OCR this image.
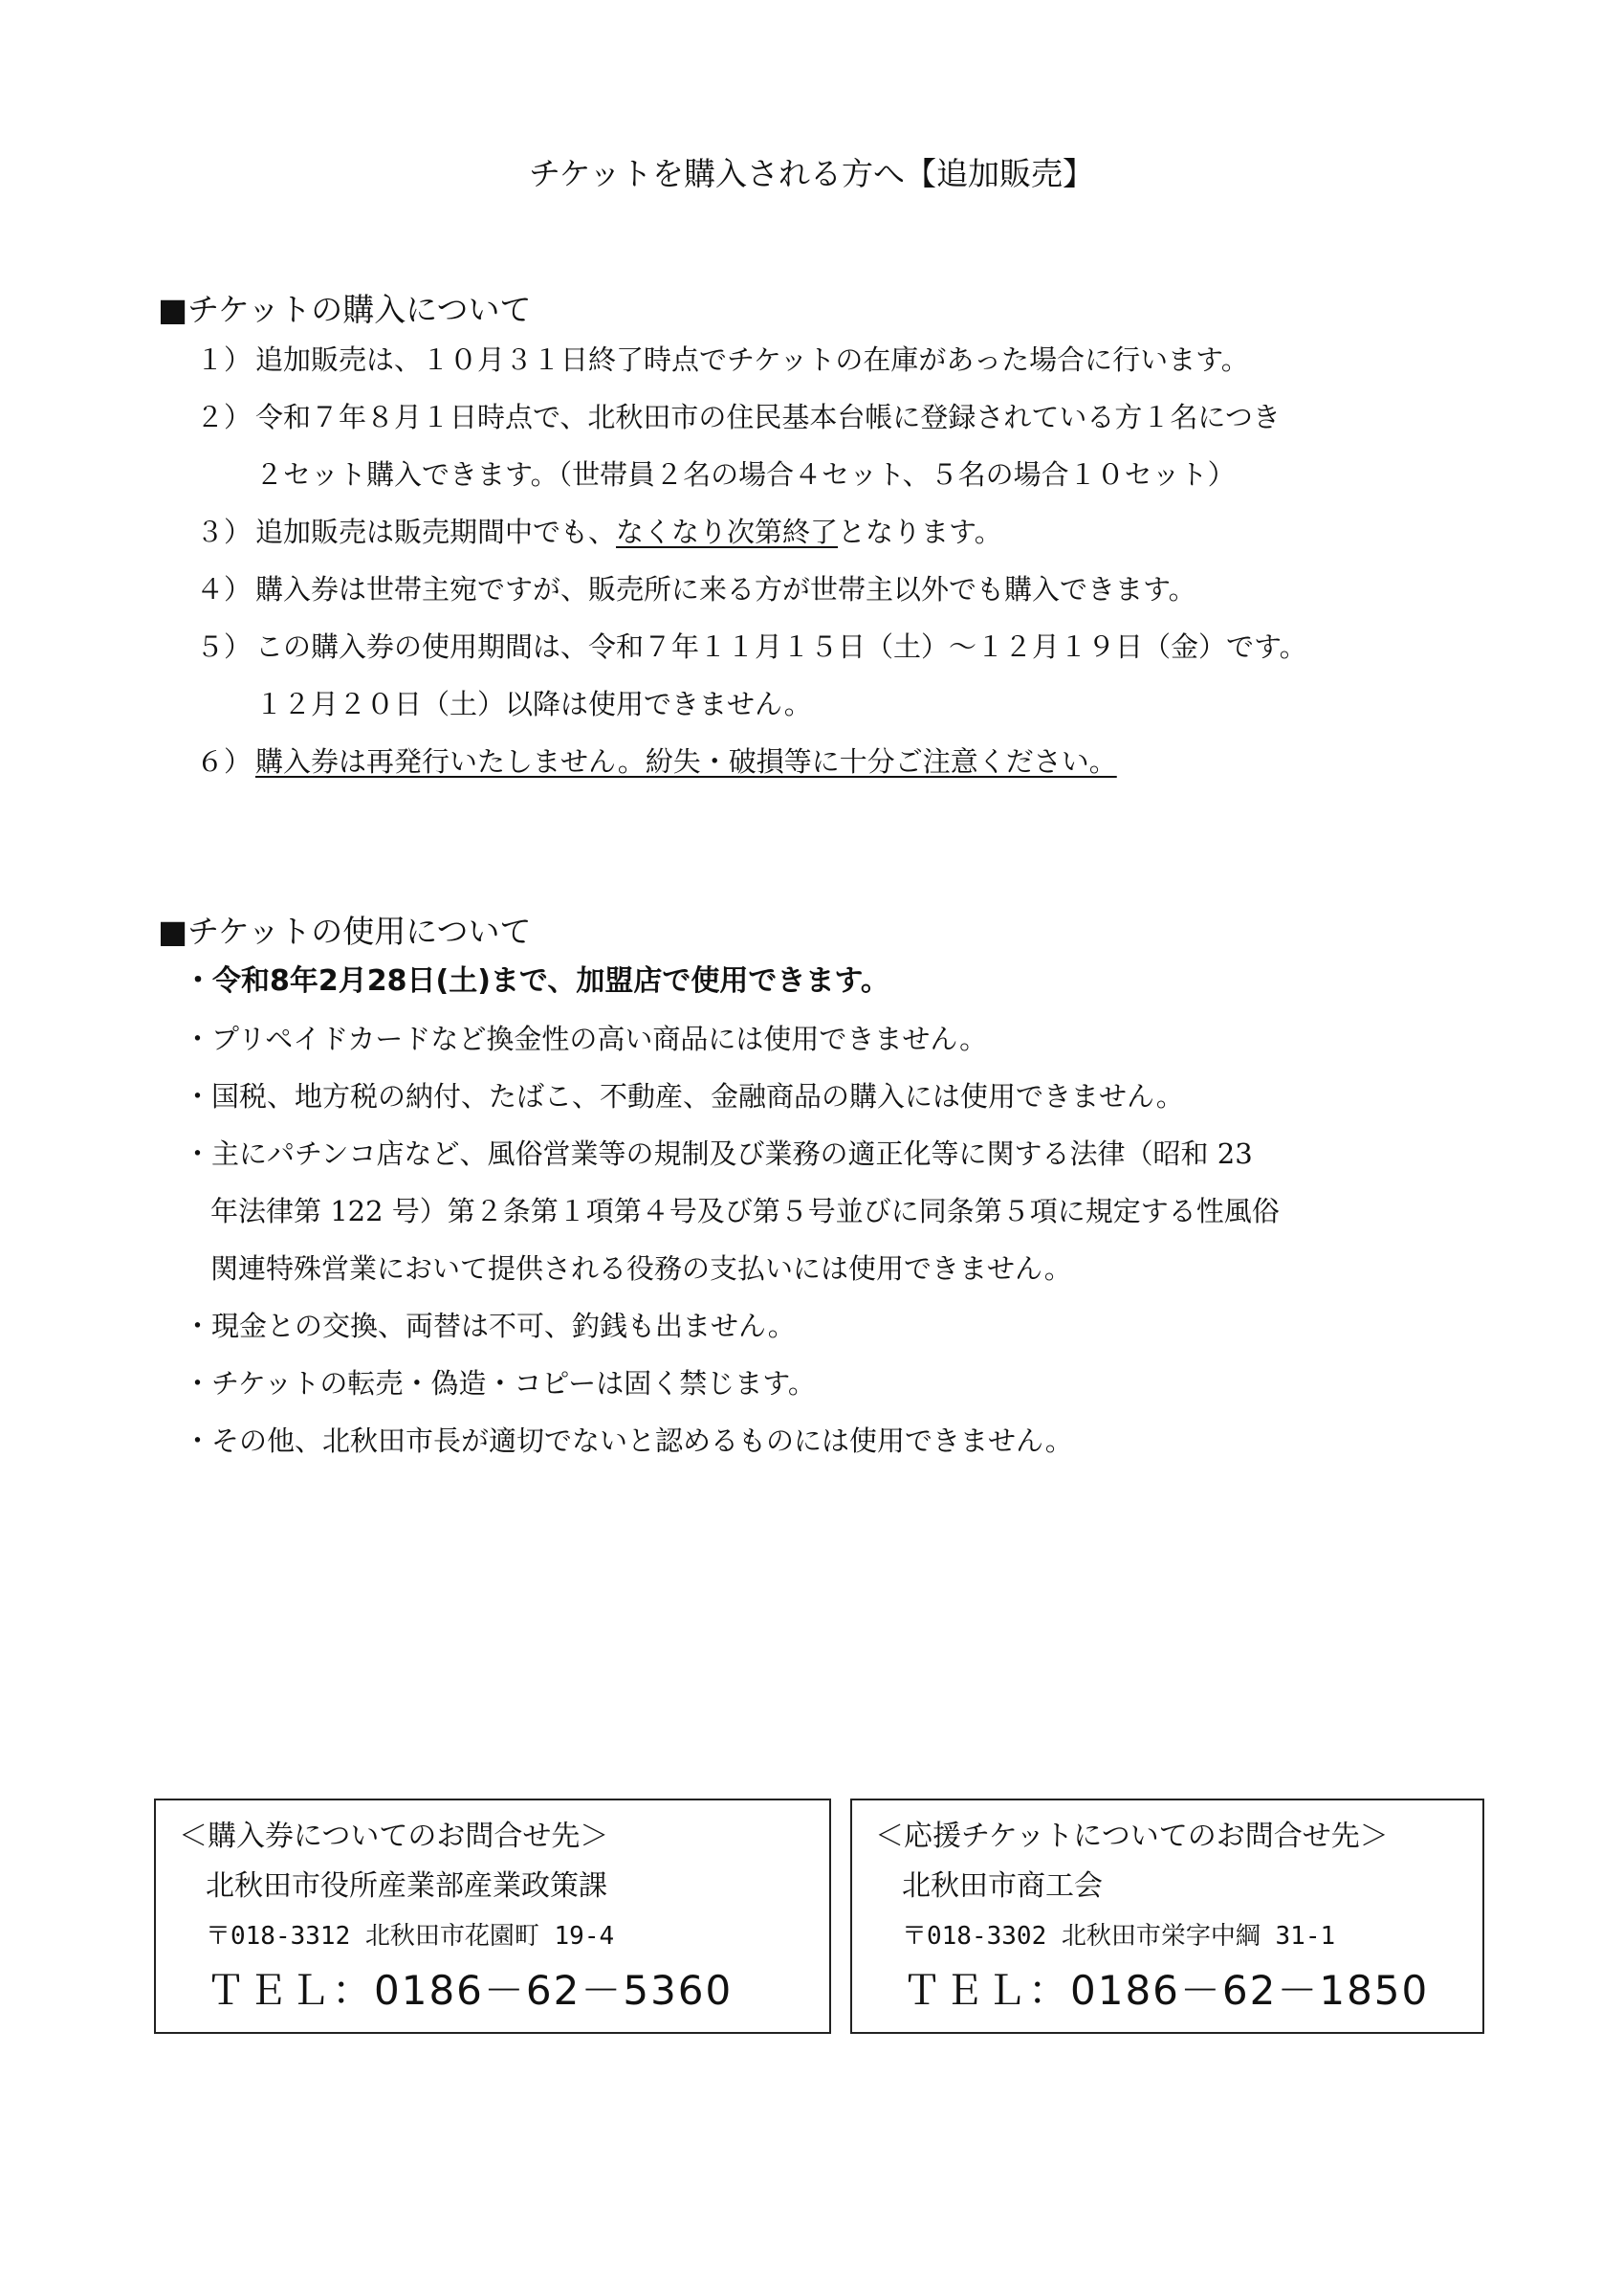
チケットを購入される方へ【追加販売】
■チケットの購入について
１） 追加販売は、１０月３１日終了時点でチケットの在庫があった場合に行います。
２） 令和７年８月１日時点で、北秋田市の住民基本台帳に登録されている方１名につき
２セット購入できます。（世帯員２名の場合４セット、５名の場合１０セット）
３） 追加販売は販売期間中でも、なくなり次第終了となります。
４） 購入券は世帯主宛ですが、販売所に来る方が世帯主以外でも購入できます。
５） この購入券の使用期間は、令和７年１１月１５日（土）～１２月１９日（金）です。
１２月２０日（土）以降は使用できません。
６） 購入券は再発行いたしません。紛失・破損等に十分ご注意ください。
■チケットの使用について
・令和8年2月28日(土)まで、加盟店で使用できます。
・プリペイドカードなど換金性の高い商品には使用できません。
・国税、地方税の納付、たばこ、不動産、金融商品の購入には使用できません。
・主にパチンコ店など、風俗営業等の規制及び業務の適正化等に関する法律（昭和 23
年法律第 122 号）第２条第１項第４号及び第５号並びに同条第５項に規定する性風俗
関連特殊営業において提供される役務の支払いには使用できません。
・現金との交換、両替は不可、釣銭も出ません。
・チケットの転売・偽造・コピーは固く禁じます。
・その他、北秋田市長が適切でないと認めるものには使用できません。
＜購入券についてのお問合せ先＞
北秋田市役所産業部産業政策課
〒018-3312 北秋田市花園町 19-4
ＴＥＬ：0186－62－5360
＜応援チケットについてのお問合せ先＞
北秋田市商工会
〒018-3302 北秋田市栄字中綱 31-1
ＴＥＬ：0186－62－1850
